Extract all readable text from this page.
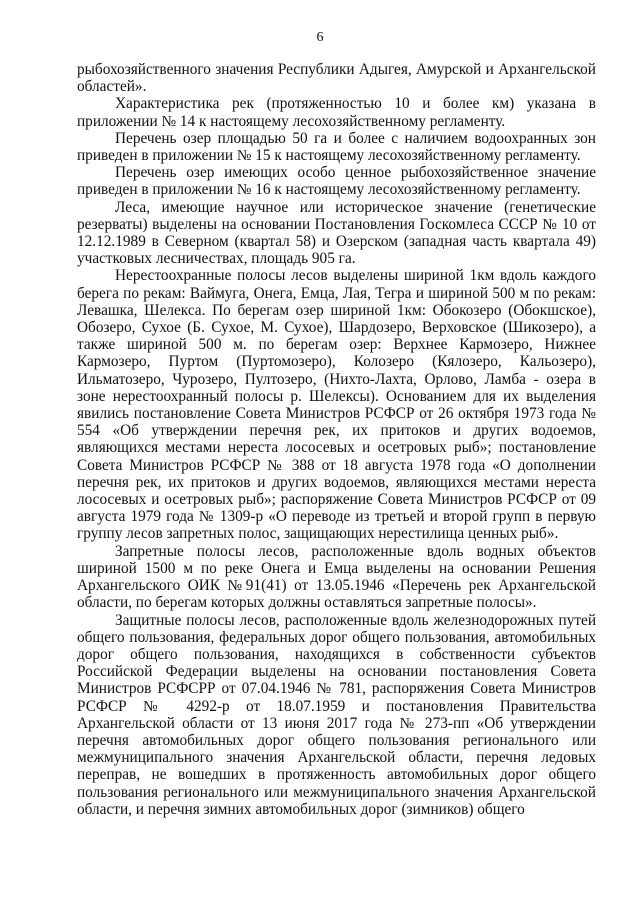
6

рыбохозяйственного значения Республики Адыгея, Амурской и Архангельской областей».

Характеристика рек (протяженностью 10 и более км) указана в приложении № 14 к настоящему лесохозяйственному регламенту.

Перечень озер площадью 50 га и более с наличием водоохранных зон приведен в приложении № 15 к настоящему лесохозяйственному регламенту.

Перечень озер имеющих особо ценное рыбохозяйственное значение приведен в приложении № 16 к настоящему лесохозяйственному регламенту.

Леса, имеющие научное или историческое значение (генетические резерваты) выделены на основании Постановления Госкомлеса СССР № 10 от 12.12.1989 в Северном (квартал 58) и Озерском (западная часть квартала 49) участковых лесничествах, площадь 905 га.

Нерестоохранные полосы лесов выделены шириной 1км вдоль каждого берега по рекам: Ваймуга, Онега, Емца, Лая, Тегра и шириной 500 м по рекам: Левашка, Шелекса. По берегам озер шириной 1км: Обокозеро (Обокшское), Обозеро, Сухое (Б. Сухое, М. Сухое), Шардозеро, Верховское (Шикозеро), а также шириной 500 м. по берегам озер: Верхнее Кармозеро, Нижнее Кармозеро, Пуртом (Пуртомозеро), Колозеро (Кялозеро, Кальозеро), Ильматозеро, Чурозеро, Пултозеро, (Нихто-Лахта, Орлово, Ламба - озера в зоне нерестоохранный полосы р. Шелексы). Основанием для их выделения явились постановление Совета Министров РСФСР от 26 октября 1973 года № 554 «Об утверждении перечня рек, их притоков и других водоемов, являющихся местами нереста лососевых и осетровых рыб»; постановление Совета Министров РСФСР № 388 от 18 августа 1978 года «О дополнении перечня рек, их притоков и других водоемов, являющихся местами нереста лососевых и осетровых рыб»; распоряжение Совета Министров РСФСР от 09 августа 1979 года № 1309-р «О переводе из третьей и второй групп в первую группу лесов запретных полос, защищающих нерестилища ценных рыб».

Запретные полосы лесов, расположенные вдоль водных объектов шириной 1500 м по реке Онега и Емца выделены на основании Решения Архангельского ОИК №91(41) от 13.05.1946 «Перечень рек Архангельской области, по берегам которых должны оставляться запретные полосы».

Защитные полосы лесов, расположенные вдоль железнодорожных путей общего пользования, федеральных дорог общего пользования, автомобильных дорог общего пользования, находящихся в собственности субъектов Российской Федерации выделены на основании постановления Совета Министров РСФСРР от 07.04.1946 № 781, распоряжения Совета Министров РСФСР № 4292-р от 18.07.1959 и постановления Правительства Архангельской области от 13 июня 2017 года № 273-пп «Об утверждении перечня автомобильных дорог общего пользования регионального или межмуниципального значения Архангельской области, перечня ледовых переправ, не вошедших в протяженность автомобильных дорог общего пользования регионального или межмуниципального значения Архангельской области, и перечня зимних автомобильных дорог (зимников) общего
